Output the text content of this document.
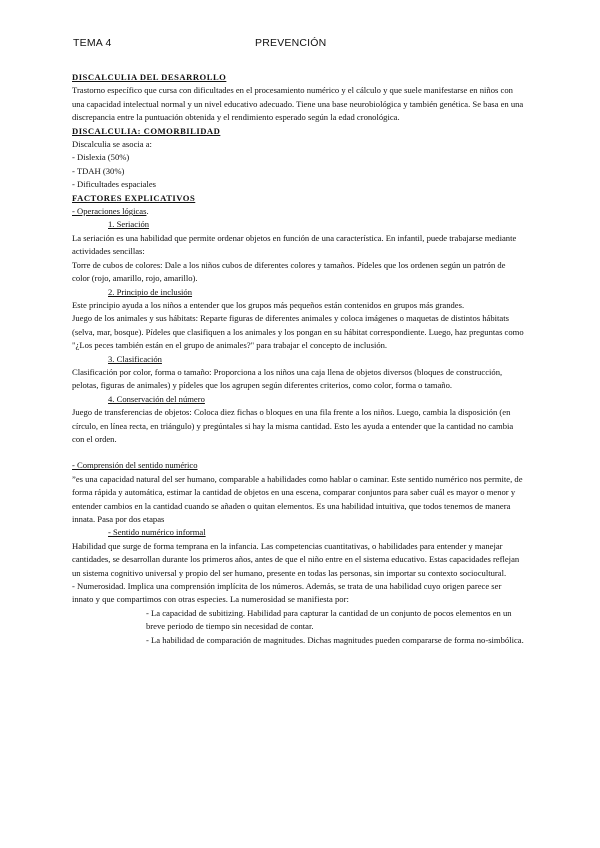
TEMA 4	PREVENCIÓN

DISCALCULIA DEL DESARROLLO

Trastorno específico que cursa con dificultades en el procesamiento numérico y el cálculo y que suele manifestarse en niños con una capacidad intelectual normal y un nivel educativo adecuado. Tiene una base neurobiológica y también genética. Se basa en una discrepancia entre la puntuación obtenida y el rendimiento esperado según la edad cronológica.

DISCALCULIA: COMORBILIDAD

Discalculia se asocia a:

- Dislexia (50%)

- TDAH (30%)

- Dificultades espaciales

FACTORES EXPLICATIVOS

- Operaciones lógicas.

1. Seriación

La seriación es una habilidad que permite ordenar objetos en función de una característica. En infantil, puede trabajarse mediante actividades sencillas:

Torre de cubos de colores: Dale a los niños cubos de diferentes colores y tamaños. Pídeles que los ordenen según un patrón de color (rojo, amarillo, rojo, amarillo).

2. Principio de inclusión

Este principio ayuda a los niños a entender que los grupos más pequeños están contenidos en grupos más grandes.

Juego de los animales y sus hábitats: Reparte figuras de diferentes animales y coloca imágenes o maquetas de distintos hábitats (selva, mar, bosque). Pídeles que clasifiquen a los animales y los pongan en su hábitat correspondiente. Luego, haz preguntas como "¿Los peces también están en el grupo de animales?" para trabajar el concepto de inclusión.

3. Clasificación

Clasificación por color, forma o tamaño: Proporciona a los niños una caja llena de objetos diversos (bloques de construcción, pelotas, figuras de animales) y pídeles que los agrupen según diferentes criterios, como color, forma o tamaño.

4. Conservación del número

Juego de transferencias de objetos: Coloca diez fichas o bloques en una fila frente a los niños. Luego, cambia la disposición (en círculo, en línea recta, en triángulo) y pregúntales si hay la misma cantidad. Esto les ayuda a entender que la cantidad no cambia con el orden.

- Comprensión del sentido numérico

”es una capacidad natural del ser humano, comparable a habilidades como hablar o caminar. Este sentido numérico nos permite, de forma rápida y automática, estimar la cantidad de objetos en una escena, comparar conjuntos para saber cuál es mayor o menor y entender cambios en la cantidad cuando se añaden o quitan elementos. Es una habilidad intuitiva, que todos tenemos de manera innata. Pasa por dos etapas

- Sentido numérico informal

Habilidad que surge de forma temprana en la infancia. Las competencias cuantitativas, o habilidades para entender y manejar cantidades, se desarrollan durante los primeros años, antes de que el niño entre en el sistema educativo. Estas capacidades reflejan un sistema cognitivo universal y propio del ser humano, presente en todas las personas, sin importar su contexto sociocultural.

- Numerosidad. Implica una comprensión implícita de los números. Además, se trata de una habilidad cuyo origen parece ser innato y que compartimos con otras especies. La numerosidad se manifiesta por:

- La capacidad de subitizing. Habilidad para capturar la cantidad de un conjunto de pocos elementos en un breve periodo de tiempo sin necesidad de contar.

- La habilidad de comparación de magnitudes. Dichas magnitudes pueden compararse de forma no-simbólica.
